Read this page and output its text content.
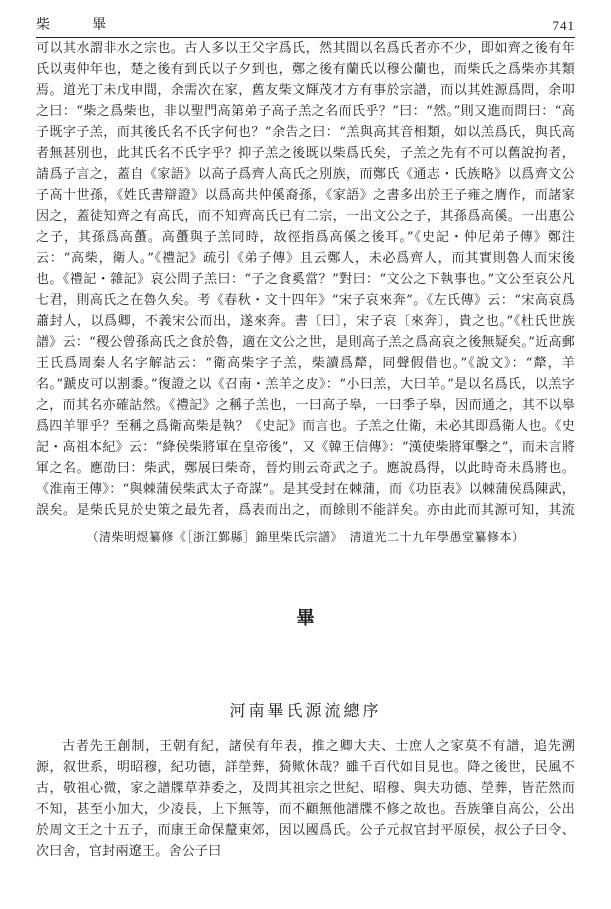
柴　畢	741
可以其水謂非水之宗也。古人多以王父字爲氏，然其間以名爲氏者亦不少，即如齊之後有年氏以夷仲年也，楚之後有到氏以子夕到也，鄭之後有蘭氏以穆公蘭也，而柴氏之爲柴亦其類焉。道光丁未戊申間，余需次在家，舊友柴文輝茂才方有事於宗譜，而以其姓源爲問，余叩之曰：“柴之爲柴也，非以聖門高第弟子高子羔之名而氏乎？”曰：“然。”則又進而問曰：“高子既字子羔，而其後氏名不氏字何也？”余告之曰：“羔與高其音相類，如以羔爲氏，與氏高者無甚別也，此其氏名不氏字乎？抑子羔之後既以柴爲氏矣，子羔之先有不可以舊說拘者，請爲子言之，蓋自《家語》以高子爲齊人高氏之別族，而鄭氏《通志・氏族略》以爲齊文公子高十世孫，《姓氏書辯證》以爲高共仲傒裔孫，《家語》之書多出於王子雍之膺作，而諸家因之，蓋徒知齊之有高氏，而不知齊高氏已有二宗，一出文公之子，其孫爲高傒。一出惠公之子，其孫爲高蠆。高蠆與子羔同時，故徑指爲高傒之後耳。”《史記・仲尼弟子傳》鄭注云：“高柴，衛人。”《禮記》疏引《弟子傳》且云鄭人，未必爲齊人，而其實則魯人而宋後也。《禮記・雜記》哀公問子羔曰：“子之食奚當？”對曰：“文公之下執事也。”文公至哀公凡七君，則高氏之在魯久矣。考《春秋・文十四年》“宋子哀來奔”。《左氏傳》云：“宋高哀爲蕭封人，以爲卿，不義宋公而出，遂來奔。書〔曰〕，宋子哀〔來奔〕，貴之也。”《杜氏世族譜》云：“稷公曾孫高氏之食於魯，適在文公之世，是則高子羔之爲高哀之後無疑矣。”近高郵王氏爲周秦人名字解詁云：“衛高柴字子羔，柴讀爲犛，同聲假借也。”《說文》：“犛，羊名。”蹏皮可以割黍。”復證之以《召南・羔羊之皮》：“小曰羔，大曰羊。”是以名爲氏，以羔字之，而其名亦確詁然。《禮記》之稱子羔也，一曰高子皋，一曰季子皋，因而通之，其不以皋爲四羊罪乎？至稱之爲衛高柴是執？《史記》而言也。子羔之仕衛，未必其即爲衛人也。《史記・高祖本紀》云：“絳侯柴將軍在皇帝後”，又《韓王信傳》：“漢使柴將軍擊之”，而未言將軍之名。應劭曰：柴武，鄭展曰柴奇，晉灼則云奇武之子。應說爲得，以此時奇未爲將也。《淮南王傳》：“與棘蒲侯柴武太子奇謀”。是其受封在棘蒲，而《功臣表》以棘蒲侯爲陳武，誤矣。是柴氏見於史策之最先者，爲表而出之，而餘則不能詳矣。亦由此而其源可知，其流
（清柴明煜纂修《［浙江鄞縣］錦里柴氏宗譜》　清道光二十九年學愚堂纂修本）
畢
河南畢氏源流總序
古者先王創制，王朝有紀，諸侯有年表，推之卿大夫、士庶人之家莫不有譜，追先溯源，叙世系，明昭穆，紀功德，詳塋葬，猗歟休哉？雖千百代如目見也。降之後世，民風不古，敬祖心微，家之譜牒草莽委之，及問其祖宗之世紀、昭穆、與夫功德、塋葬，皆茫然而不知，甚至小加大，少凌長，上下無等，而不顧無他譜牒不修之故也。吾族肇自高公，公出於周文王之十五子，而康王命保釐東郊，因以國爲氏。公子元叔官封平原侯，叔公子曰令、次曰舍，官封兩遼王。舍公子曰
